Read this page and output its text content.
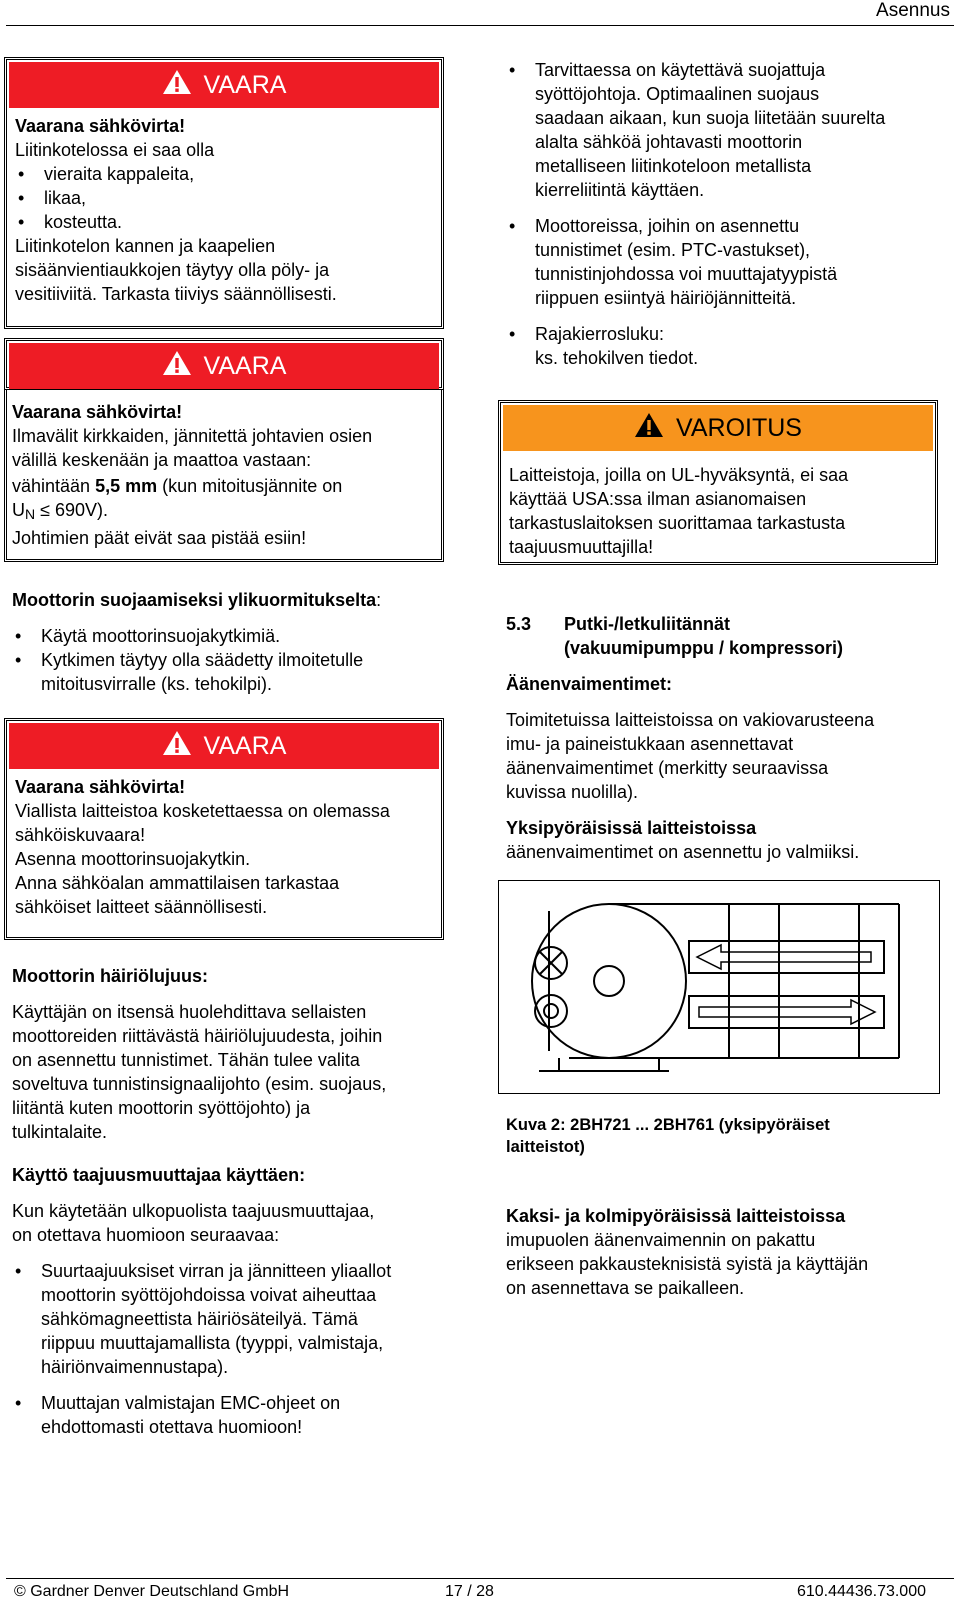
Asennus
VAARA
Vaarana sähkövirta!
Liitinkotelossa ei saa olla
• vieraita kappaleita,
• likaa,
• kosteutta.
Liitinkotelon kannen ja kaapelien
sisäänvientiaukkojen täytyy olla pöly- ja
vesitiiviitä. Tarkasta tiiviys säännöllisesti.
VAARA
Vaarana sähkövirta!
Ilmavälit kirkkaiden, jännitettä johtavien osien
välillä keskenään ja maattoa vastaan:
vähintään 5,5 mm (kun mitoitusjännite on
$U_N \le 690V$).
Johtimien päät eivät saa pistää esiin!
Moottorin suojaamiseksi ylikuormitukselta:
• Käytä moottorinsuojakytkimiä.
• Kytkimen täytyy olla säädetty ilmoitetulle mitoitusvirralle (ks. tehokilpi).
VAARA
Vaarana sähkövirta!
Viallista laitteistoa kosketettaessa on olemassa
sähköiskuvaara!
Asenna moottorinsuojakytkin.
Anna sähköalan ammattilaisen tarkastaa
sähköiset laitteet säännöllisesti.
Moottorin häiriölujuus:
Käyttäjän on itsensä huolehdittava sellaisten
moottoreiden riittävästä häiriölujuudesta, joihin
on asennettu tunnistimet. Tähän tulee valita
soveltuva tunnistinsignaalijohto (esim. suojaus,
liitäntä kuten moottorin syöttöjohto) ja
tulkintalaite.
Käyttö taajuusmuuttajaa käyttäen:
Kun käytetään ulkopuolista taajuusmuuttajaa,
on otettava huomioon seuraavaa:
• Suurtaajuuksiset virran ja jännitteen yliaallot
moottorin syöttöjohdoissa voivat aiheuttaa
sähkömagneettista häiriösäteilyä. Tämä
riippuu muuttajamallista (tyyppi, valmistaja,
häiriönvaimennustapa).
• Muuttajan valmistajan EMC-ohjeet on
ehdottomasti otettava huomioon!
• Tarvittaessa on käytettävä suojattuja
syöttöjohtoja. Optimaalinen suojaus
saadaan aikaan, kun suoja liitetään suurelta
alalta sähköä johtavasti moottorin
metalliseen liitinkoteloon metallista
kierreliitintä käyttäen.
• Moottoreissa, joihin on asennettu
tunnistimet (esim. PTC-vastukset),
tunnistinjohdossa voi muuttajatyypistä
riippuen esiintyä häiriöjännitteitä.
• Rajakierrosluku:
ks. tehokilven tiedot.
VAROITUS
Laitteistoja, joilla on UL-hyväksyntä, ei saa
käyttää USA:ssa ilman asianomaisen
tarkastuslaitoksen suorittamaa tarkastusta
taajuusmuuttajilla!
5.3 Putki-/letkuliitännät
(vakuumipumppu / kompressori)
Äänenvaimentimet:
Toimitetuissa laitteistoissa on vakiovarusteena
imu- ja paineistukkaan asennettavat
äänenvaimentimet (merkitty seuraavissa
kuvissa nuolilla).
Yksipyöräisissä laitteistoissa
äänenvaimentimet on asennettu jo valmiiksi.
Kuva 2: 2BH721 ... 2BH761 (yksipyöräiset
laitteistot)
Kaksi- ja kolmipyöräisissä laitteistoissa
imupuolen äänenvaimennin on pakattu
erikseen pakkausteknisistä syistä ja käyttäjän
on asennettava se paikalleen.
© Gardner Denver Deutschland GmbH	17 / 28	610.44436.73.000
